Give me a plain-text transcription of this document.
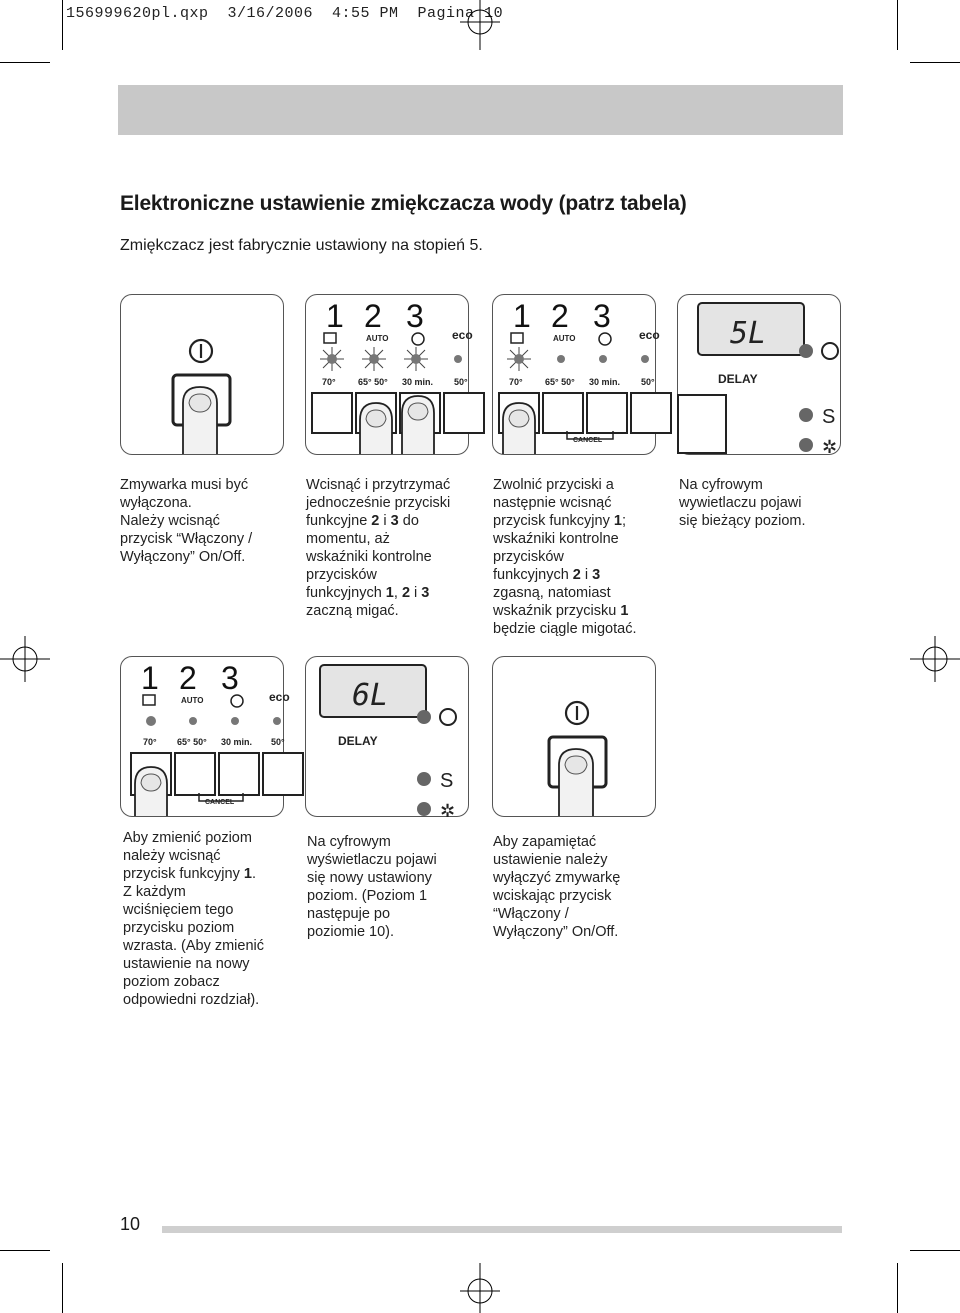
156999620pl.qxp  3/16/2006  4:55 PM  Pagina 10
Elektroniczne ustawienie zmiękczacza wody (patrz tabela)
Zmiękczacz jest fabrycznie ustawiony na stopień 5.
1 2 3
AUTO	eco
70° 65° 50° 30 min. 50°
1 2 3
AUTO	eco
70° 65° 50° 30 min. 50°
CANCEL
5L
DELAY
S
✲
Zmywarka musi być
wyłączona.
Należy wcisnąć
przycisk “Włączony /
Wyłączony” On/Off.
Wcisnąć i przytrzymać
jednocześnie przyciski
funkcyjne 2 i 3 do
momentu, aż
wskaźniki kontrolne
przycisków
funkcyjnych 1, 2 i 3
zaczną migać.
Zwolnić przyciski a
następnie wcisnąć
przycisk funkcyjny 1;
wskaźniki kontrolne
przycisków
funkcyjnych 2 i 3
zgasną, natomiast
wskaźnik przycisku 1
będzie ciągle migotać.
Na cyfrowym
wywietlaczu pojawi
się bieżący poziom.
1 2 3
AUTO	eco
70° 65° 50° 30 min. 50°
CANCEL
6L
DELAY
S
✲
Aby zmienić poziom
należy wcisnąć
przycisk funkcyjny 1.
Z każdym
wciśnięciem tego
przycisku poziom
wzrasta. (Aby zmienić
ustawienie na nowy
poziom zobacz
odpowiedni rozdział).
Na cyfrowym
wyświetlaczu pojawi
się nowy ustawiony
poziom. (Poziom 1
następuje po
poziomie 10).
Aby zapamiętać
ustawienie należy
wyłączyć zmywarkę
wciskając przycisk
“Włączony /
Wyłączony” On/Off.
10
